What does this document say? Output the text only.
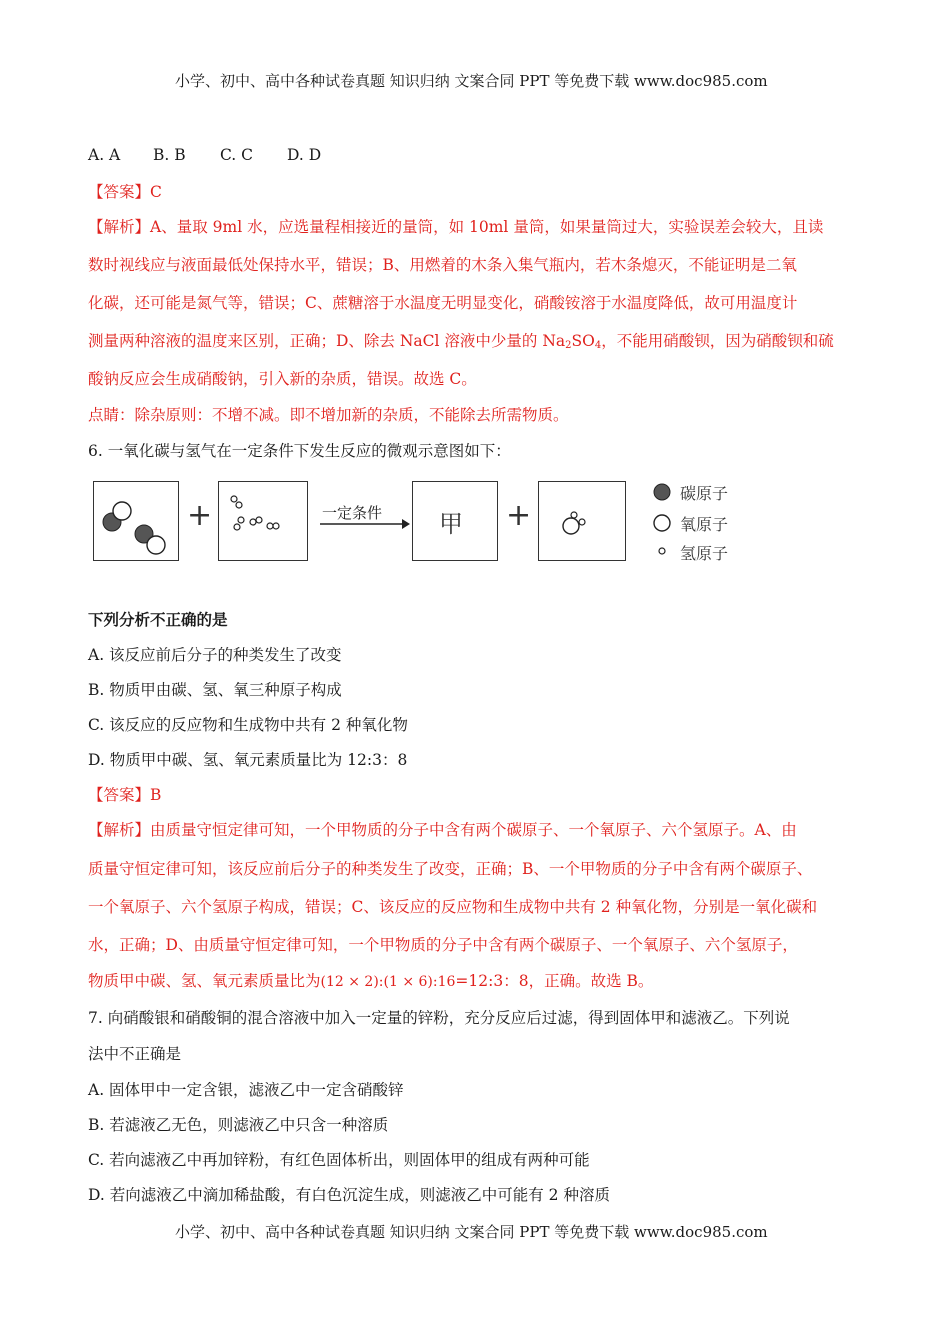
小学、初中、高中各种试卷真题 知识归纳 文案合同 PPT 等免费下载 www.doc985.com
A. A B. B C. C D. D
【答案】C
【解析】A、量取 9ml 水，应选量程相接近的量筒，如 10ml 量筒，如果量筒过大，实验误差会较大，且读
数时视线应与液面最低处保持水平，错误；B、用燃着的木条入集气瓶内，若木条熄灭，不能证明是二氧
化碳，还可能是氮气等，错误；C、蔗糖溶于水温度无明显变化，硝酸铵溶于水温度降低，故可用温度计
测量两种溶液的温度来区别，正确；D、除去 NaCl 溶液中少量的 $Na_2SO_4$，不能用硝酸钡，因为硝酸钡和硫
酸钠反应会生成硝酸钠，引入新的杂质，错误。故选 C。
点睛：除杂原则：不增不减。即不增加新的杂质，不能除去所需物质。
6. 一氧化碳与氢气在一定条件下发生反应的微观示意图如下：
+	一定条件 甲 +
碳原子
氧原子
氢原子
下列分析不正确的是
A. 该反应前后分子的种类发生了改变
B. 物质甲由碳、氢、氧三种原子构成
C. 该反应的反应物和生成物中共有 2 种氧化物
D. 物质甲中碳、氢、氧元素质量比为 12:3：8
【答案】B
【解析】由质量守恒定律可知，一个甲物质的分子中含有两个碳原子、一个氧原子、六个氢原子。A、由
质量守恒定律可知，该反应前后分子的种类发生了改变，正确；B、一个甲物质的分子中含有两个碳原子、
一个氧原子、六个氢原子构成，错误；C、该反应的反应物和生成物中共有 2 种氧化物，分别是一氧化碳和
水，正确；D、由质量守恒定律可知，一个甲物质的分子中含有两个碳原子、一个氧原子、六个氢原子，
物质甲中碳、氢、氧元素质量比为(12 × 2):(1 × 6):16=12:3：8，正确。故选 B。
7. 向硝酸银和硝酸铜的混合溶液中加入一定量的锌粉，充分反应后过滤，得到固体甲和滤液乙。下列说
法中不正确是
A. 固体甲中一定含银，滤液乙中一定含硝酸锌
B. 若滤液乙无色，则滤液乙中只含一种溶质
C. 若向滤液乙中再加锌粉，有红色固体析出，则固体甲的组成有两种可能
D. 若向滤液乙中滴加稀盐酸，有白色沉淀生成，则滤液乙中可能有 2 种溶质
小学、初中、高中各种试卷真题 知识归纳 文案合同 PPT 等免费下载 www.doc985.com
